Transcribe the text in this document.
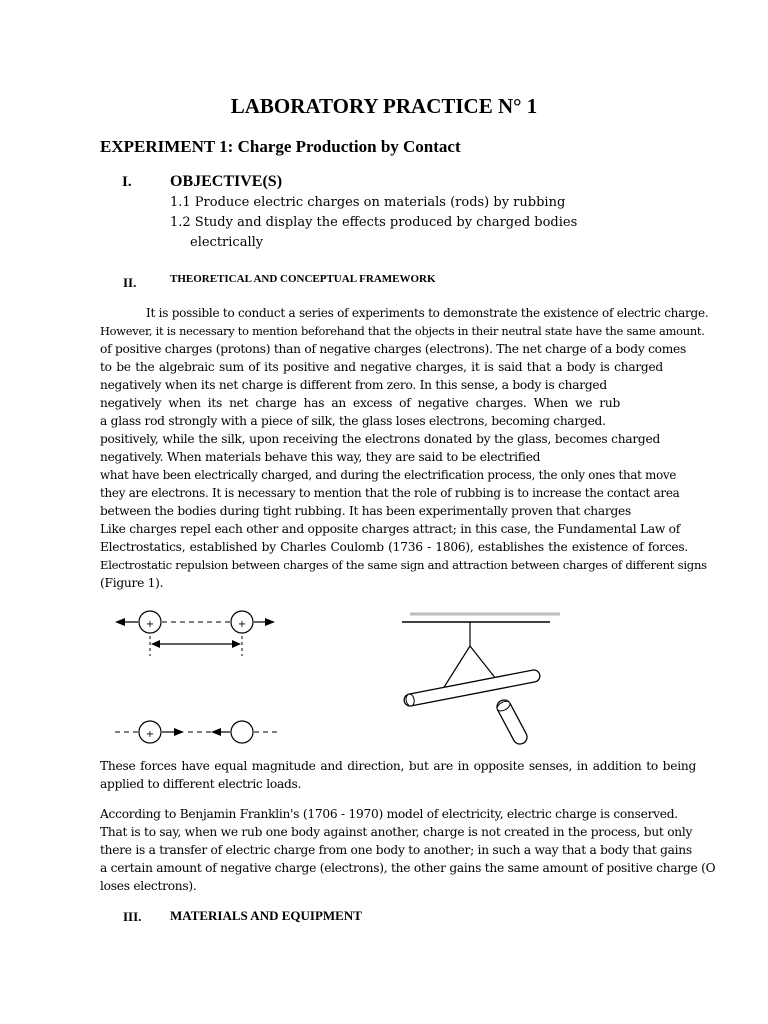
LABORATORY PRACTICE N° 1
EXPERIMENT 1: Charge Production by Contact
I. OBJECTIVE(S)
1.1 Produce electric charges on materials (rods) by rubbing
1.2 Study and display the effects produced by charged bodies
electrically
II.	THEORETICAL AND CONCEPTUAL FRAMEWORK
It is possible to conduct a series of experiments to demonstrate the existence of electric charge.
However, it is necessary to mention beforehand that the objects in their neutral state have the same amount.
of positive charges (protons) than of negative charges (electrons). The net charge of a body comes
to be the algebraic sum of its positive and negative charges, it is said that a body is charged
negatively when its net charge is different from zero. In this sense, a body is charged
negatively when its net charge has an excess of negative charges. When we rub
a glass rod strongly with a piece of silk, the glass loses electrons, becoming charged.
positively, while the silk, upon receiving the electrons donated by the glass, becomes charged
negatively. When materials behave this way, they are said to be electrified
what have been electrically charged, and during the electrification process, the only ones that move
they are electrons. It is necessary to mention that the role of rubbing is to increase the contact area
between the bodies during tight rubbing. It has been experimentally proven that charges
Like charges repel each other and opposite charges attract; in this case, the Fundamental Law of
Electrostatics, established by Charles Coulomb (1736 - 1806), establishes the existence of forces.
Electrostatic repulsion between charges of the same sign and attraction between charges of different signs
(Figure 1).
+	+
+
These forces have equal magnitude and direction, but are in opposite senses, in addition to being
applied to different electric loads.
According to Benjamin Franklin's (1706 - 1970) model of electricity, electric charge is conserved.
That is to say, when we rub one body against another, charge is not created in the process, but only
there is a transfer of electric charge from one body to another; in such a way that a body that gains
a certain amount of negative charge (electrons), the other gains the same amount of positive charge (O
loses electrons).
III. MATERIALS AND EQUIPMENT
